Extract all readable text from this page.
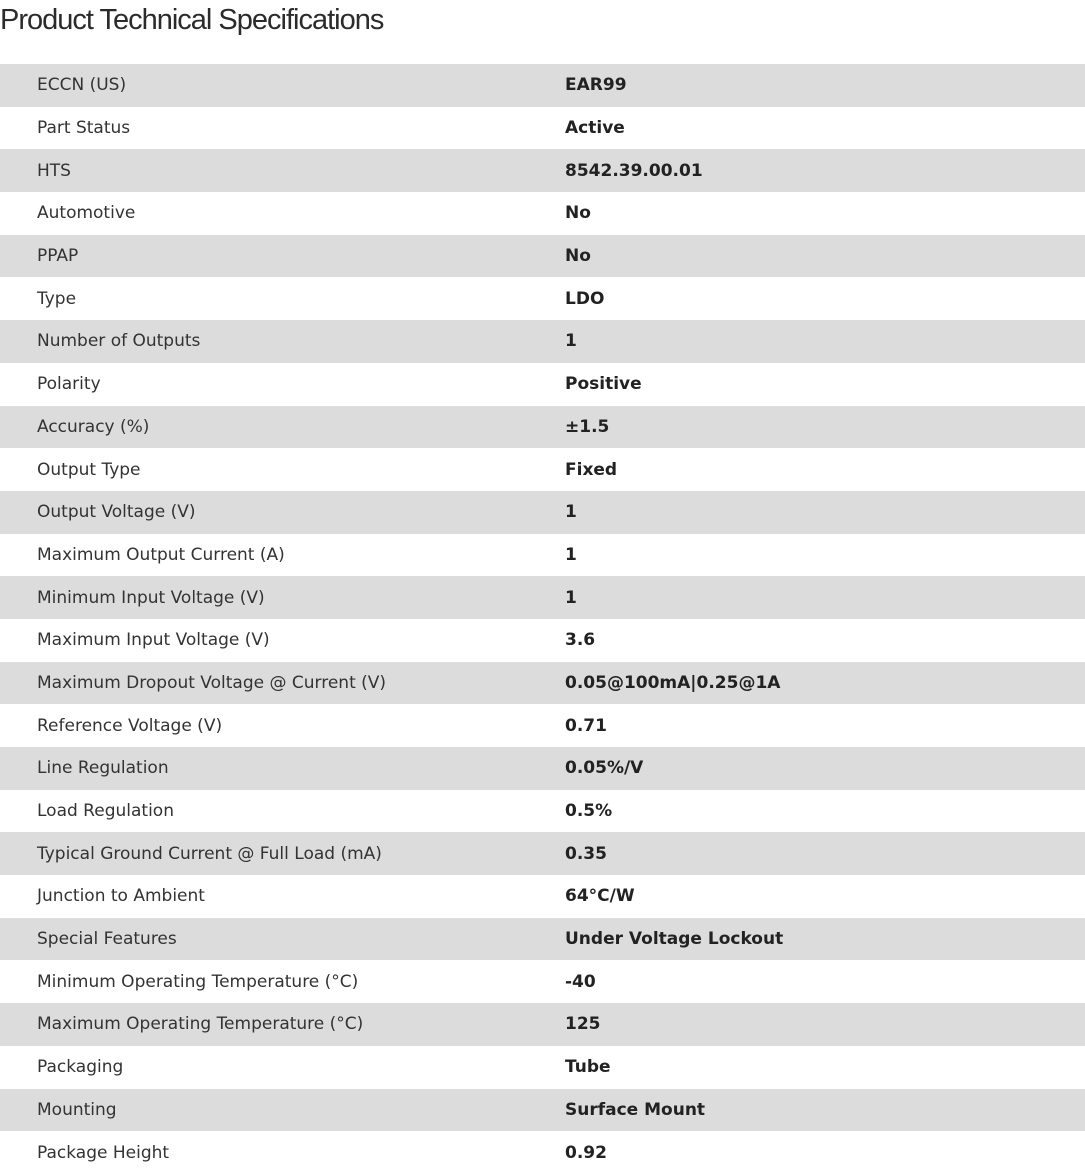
Product Technical Specifications
ECCN (US)	EAR99
Part Status	Active
HTS	8542.39.00.01
Automotive	No
PPAP	No
Type	LDO
Number of Outputs	1
Polarity	Positive
Accuracy (%)	±1.5
Output Type	Fixed
Output Voltage (V)	1
Maximum Output Current (A)	1
Minimum Input Voltage (V)	1
Maximum Input Voltage (V)	3.6
Maximum Dropout Voltage @ Current (V)	0.05@100mA|0.25@1A
Reference Voltage (V)	0.71
Line Regulation	0.05%/V
Load Regulation	0.5%
Typical Ground Current @ Full Load (mA)	0.35
Junction to Ambient	64°C/W
Special Features	Under Voltage Lockout
Minimum Operating Temperature (°C)	-40
Maximum Operating Temperature (°C)	125
Packaging	Tube
Mounting	Surface Mount
Package Height	0.92
